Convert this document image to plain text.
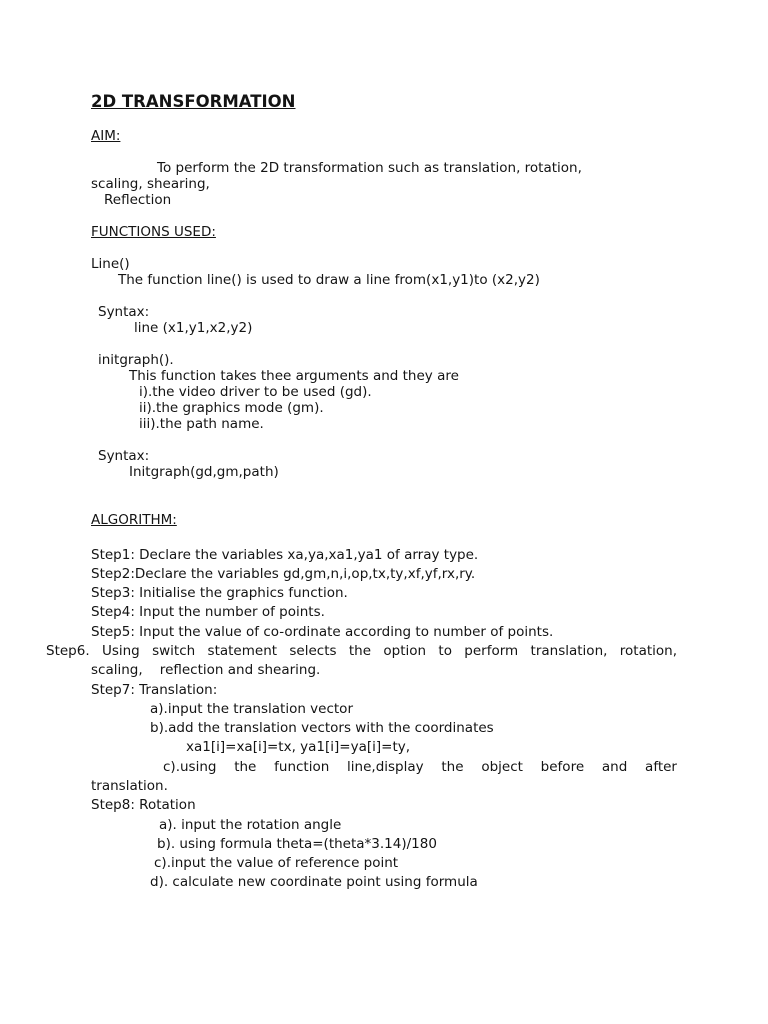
2D TRANSFORMATION
AIM:
To perform the 2D transformation such as translation, rotation,
scaling, shearing,
Reflection
FUNCTIONS USED:
Line()
The function line() is used to draw a line from(x1,y1)to (x2,y2)
Syntax:
line (x1,y1,x2,y2)
initgraph().
This function takes thee arguments and they are
i).the video driver to be used (gd).
ii).the graphics mode (gm).
iii).the path name.
Syntax:
Initgraph(gd,gm,path)
ALGORITHM:
Step1: Declare the variables xa,ya,xa1,ya1 of array type.
Step2:Declare the variables gd,gm,n,i,op,tx,ty,xf,yf,rx,ry.
Step3: Initialise the graphics function.
Step4: Input the number of points.
Step5: Input the value of co-ordinate according to number of points.
Step6. Using switch statement selects the option to perform translation, rotation,
scaling,    reflection and shearing.
Step7: Translation:
a).input the translation vector
b).add the translation vectors with the coordinates
xa1[i]=xa[i]=tx, ya1[i]=ya[i]=ty,
c).using the function line,display the object before and after
translation.
Step8: Rotation
a). input the rotation angle
b). using formula theta=(theta*3.14)/180
c).input the value of reference point
d). calculate new coordinate point using formula
